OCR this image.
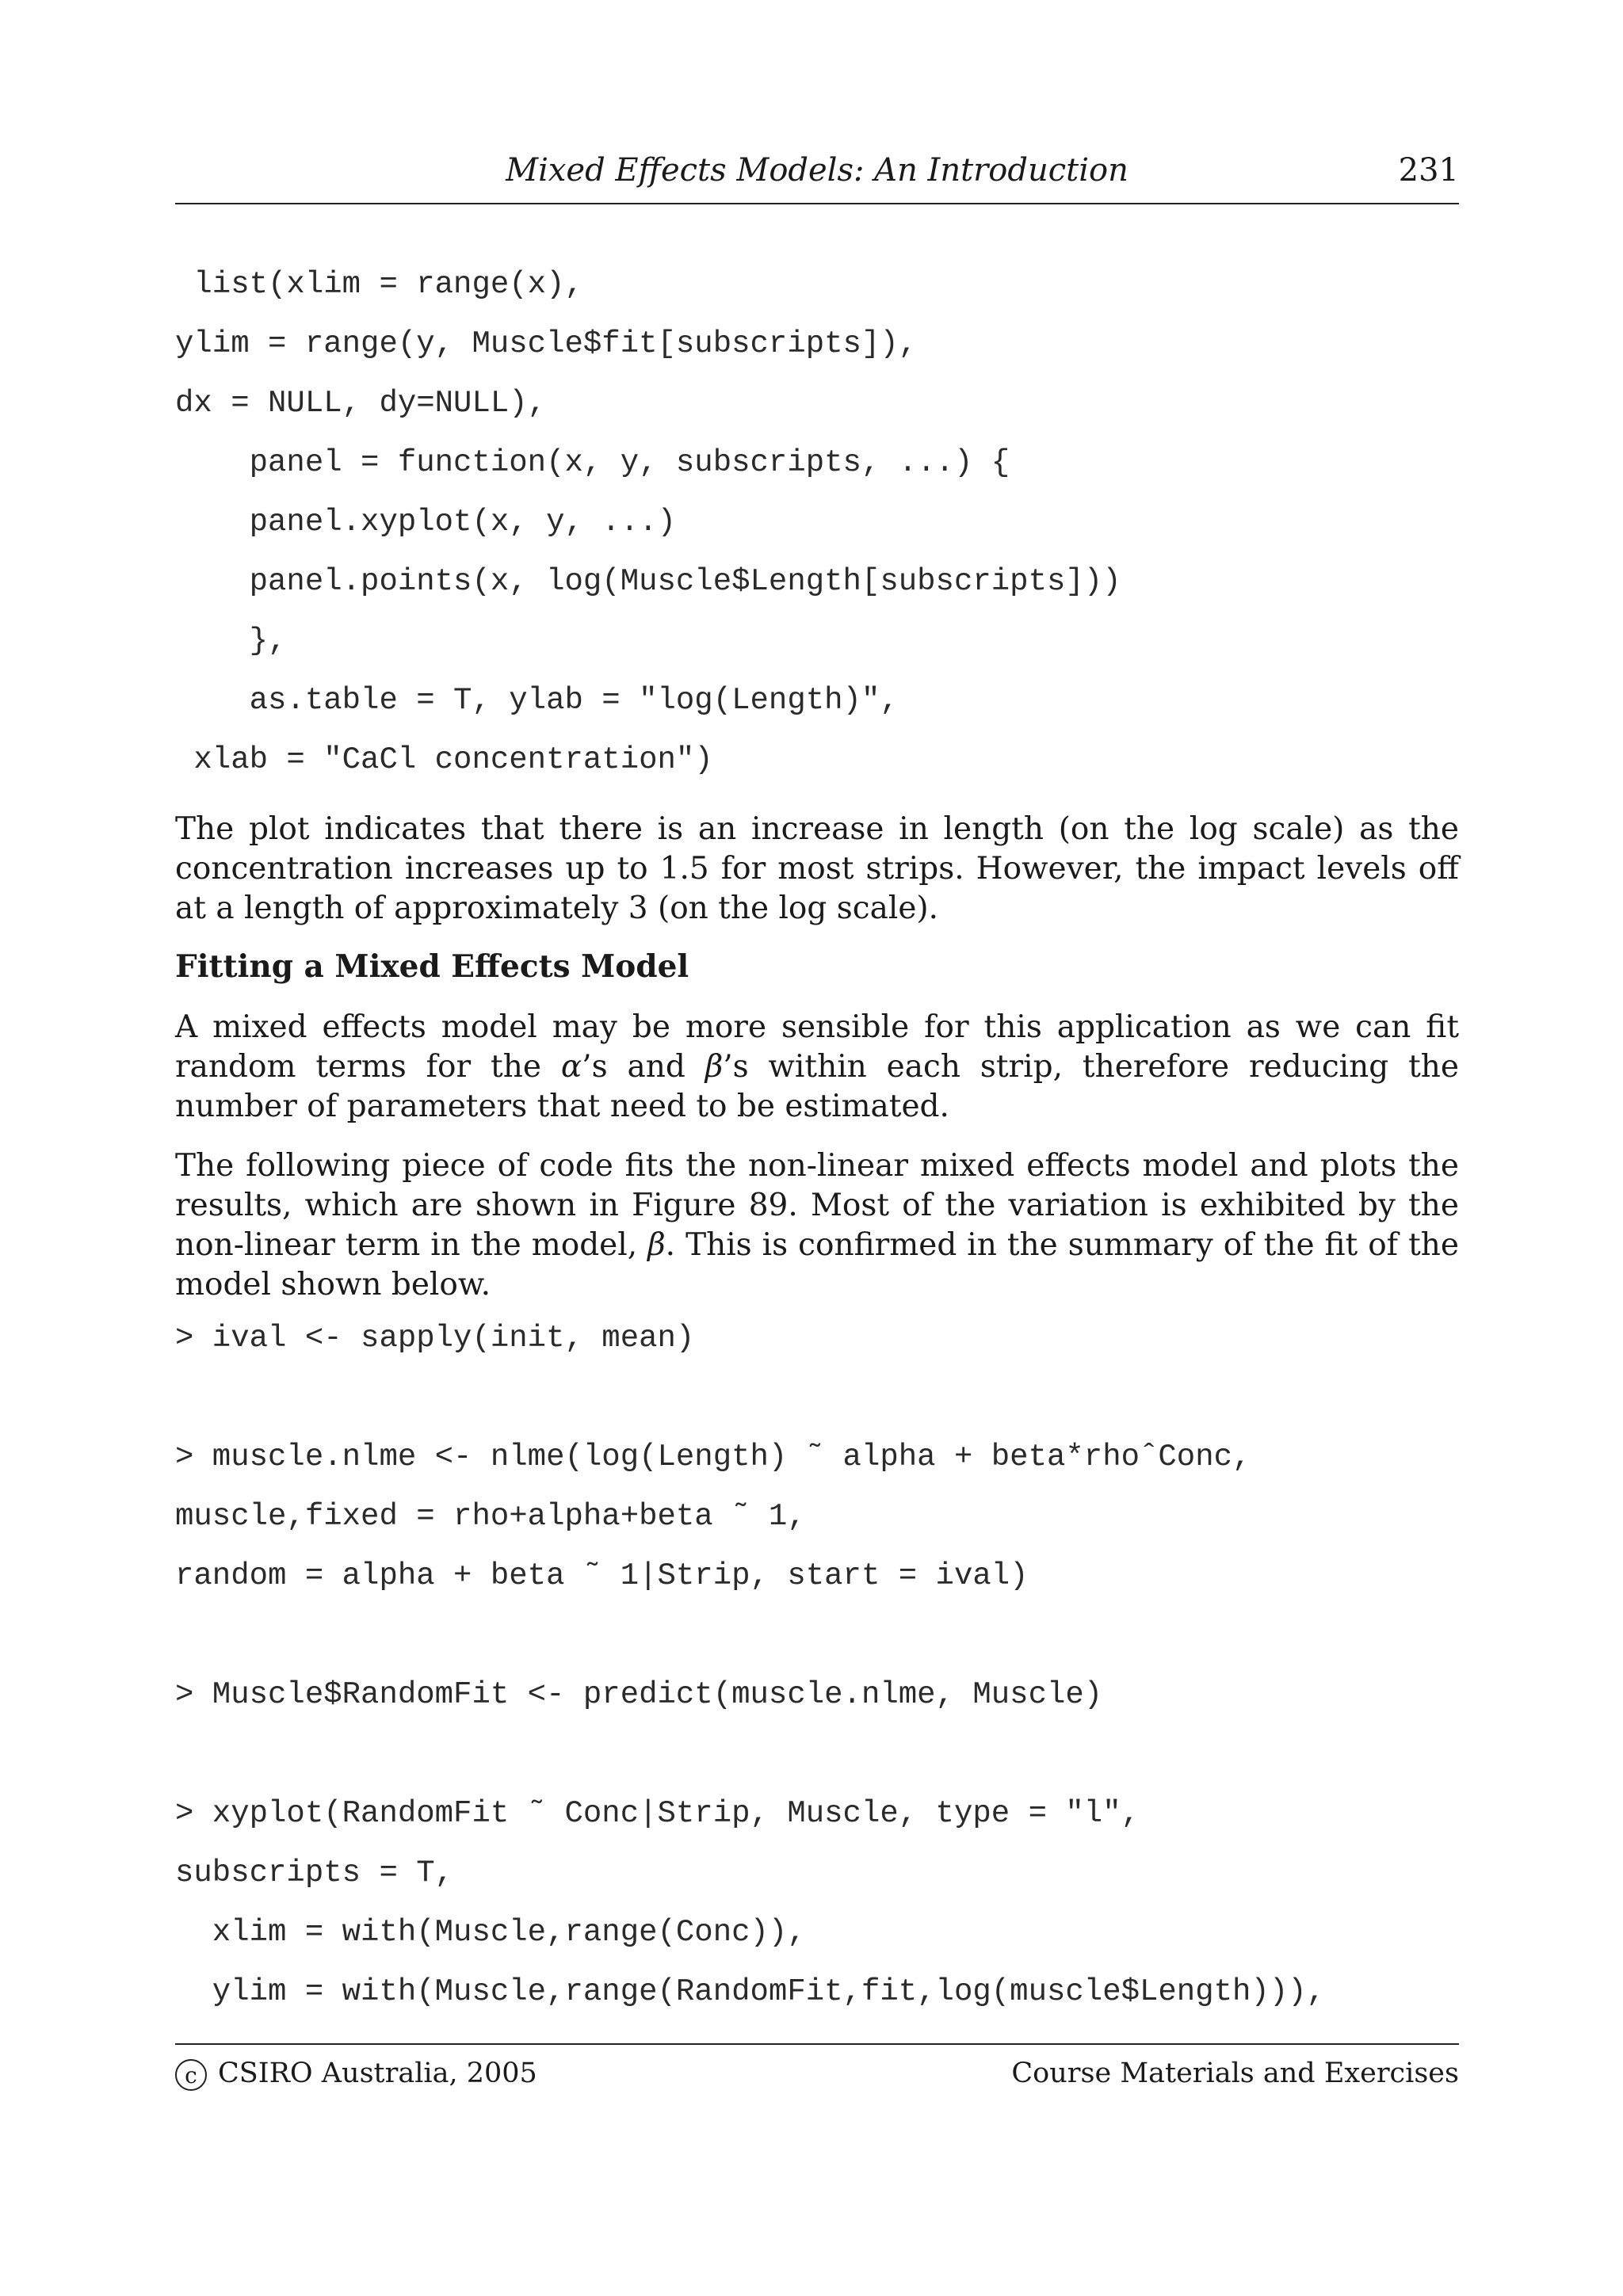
Mixed Effects Models: An Introduction	231
list(xlim = range(x),
ylim = range(y, Muscle$fit[subscripts]),
dx = NULL, dy=NULL),
panel = function(x, y, subscripts, ...) {
panel.xyplot(x, y, ...)
panel.points(x, log(Muscle$Length[subscripts]))
},
as.table = T, ylab = "log(Length)",
xlab = "CaCl concentration")

The plot indicates that there is an increase in length (on the log scale) as the concentration increases up to 1.5 for most strips. However, the impact levels off at a length of approximately 3 (on the log scale).

Fitting a Mixed Effects Model

A mixed effects model may be more sensible for this application as we can fit random terms for the α’s and β’s within each strip, therefore reducing the number of parameters that need to be estimated.

The following piece of code fits the non-linear mixed effects model and plots the results, which are shown in Figure 89. Most of the variation is exhibited by the non-linear term in the model, β. This is confirmed in the summary of the fit of the model shown below.

> ival <- sapply(init, mean)
> muscle.nlme <- nlme(log(Length) ˜ alpha + beta*rhoˆConc,
muscle,fixed = rho+alpha+beta ˜ 1,
random = alpha + beta ˜ 1|Strip, start = ival)
> Muscle$RandomFit <- predict(muscle.nlme, Muscle)
> xyplot(RandomFit ˜ Conc|Strip, Muscle, type = "l",
subscripts = T,
xlim = with(Muscle,range(Conc)),
ylim = with(Muscle,range(RandomFit,fit,log(muscle$Length))),
c CSIRO Australia, 2005	Course Materials and Exercises
